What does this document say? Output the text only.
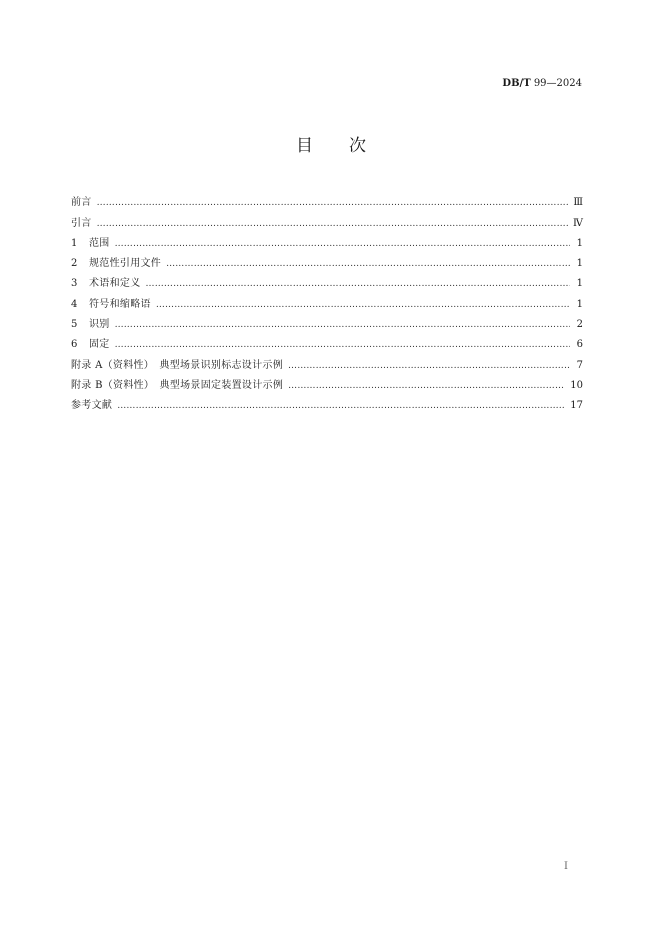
DB/T 99—2024
目次
前言 ……………………………………………………………………………………………………………………………………………………………………………………	Ⅲ
引言 ……………………………………………………………………………………………………………………………………………………………………………………	Ⅳ
1 范围 ……………………………………………………………………………………………………………………………………………………………………………………	1
2 规范性引用文件 ……………………………………………………………………………………………………………………………………………………………………………………	1
3 术语和定义 ……………………………………………………………………………………………………………………………………………………………………………………	1
4 符号和缩略语 ……………………………………………………………………………………………………………………………………………………………………………………	1
5 识别 ……………………………………………………………………………………………………………………………………………………………………………………	2
6 固定 ……………………………………………………………………………………………………………………………………………………………………………………	6
附录 A（资料性）　典型场景识别标志设计示例 ……………………………………………………………………………………………………………………………………………………………………………………	7
附录 B（资料性）　典型场景固定装置设计示例 ……………………………………………………………………………………………………………………………………………………………………………………	10
参考文献 ……………………………………………………………………………………………………………………………………………………………………………………	17
I
